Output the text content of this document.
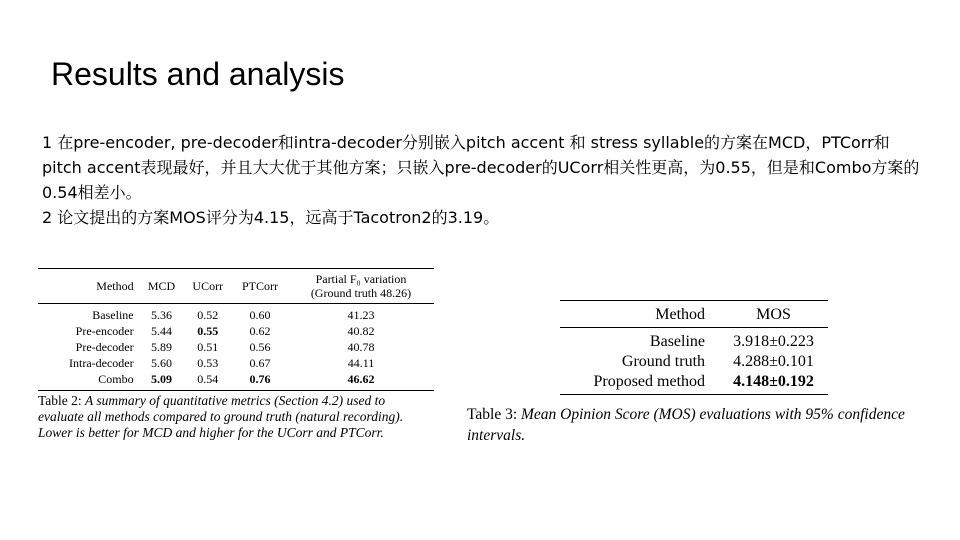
Results and analysis

1 在pre-encoder, pre-decoder和intra-decoder分别嵌入pitch accent 和 stress syllable的方案在MCD，PTCorr和pitch accent表现最好，并且大大优于其他方案；只嵌入pre-decoder的UCorr相关性更高，为0.55，但是和Combo方案的0.54相差小。

2 论文提出的方案MOS评分为4.15，远高于Tacotron2的3.19。

Method	MCD	UCorr	PTCorr	Partial F₀ variation
(Ground truth 48.26)
Baseline	5.36	0.52	0.60	41.23
Pre-encoder	5.44	0.55	0.62	40.82
Pre-decoder	5.89	0.51	0.56	40.78
Intra-decoder	5.60	0.53	0.67	44.11
Combo	5.09	0.54	0.76	46.62
Table 2: A summary of quantitative metrics (Section 4.2) used to evaluate all methods compared to ground truth (natural recording). Lower is better for MCD and higher for the UCorr and PTCorr.
Method	MOS
Baseline	3.918±0.223
Ground truth	4.288±0.101
Proposed method	4.148±0.192
Table 3: Mean Opinion Score (MOS) evaluations with 95% confidence intervals.
